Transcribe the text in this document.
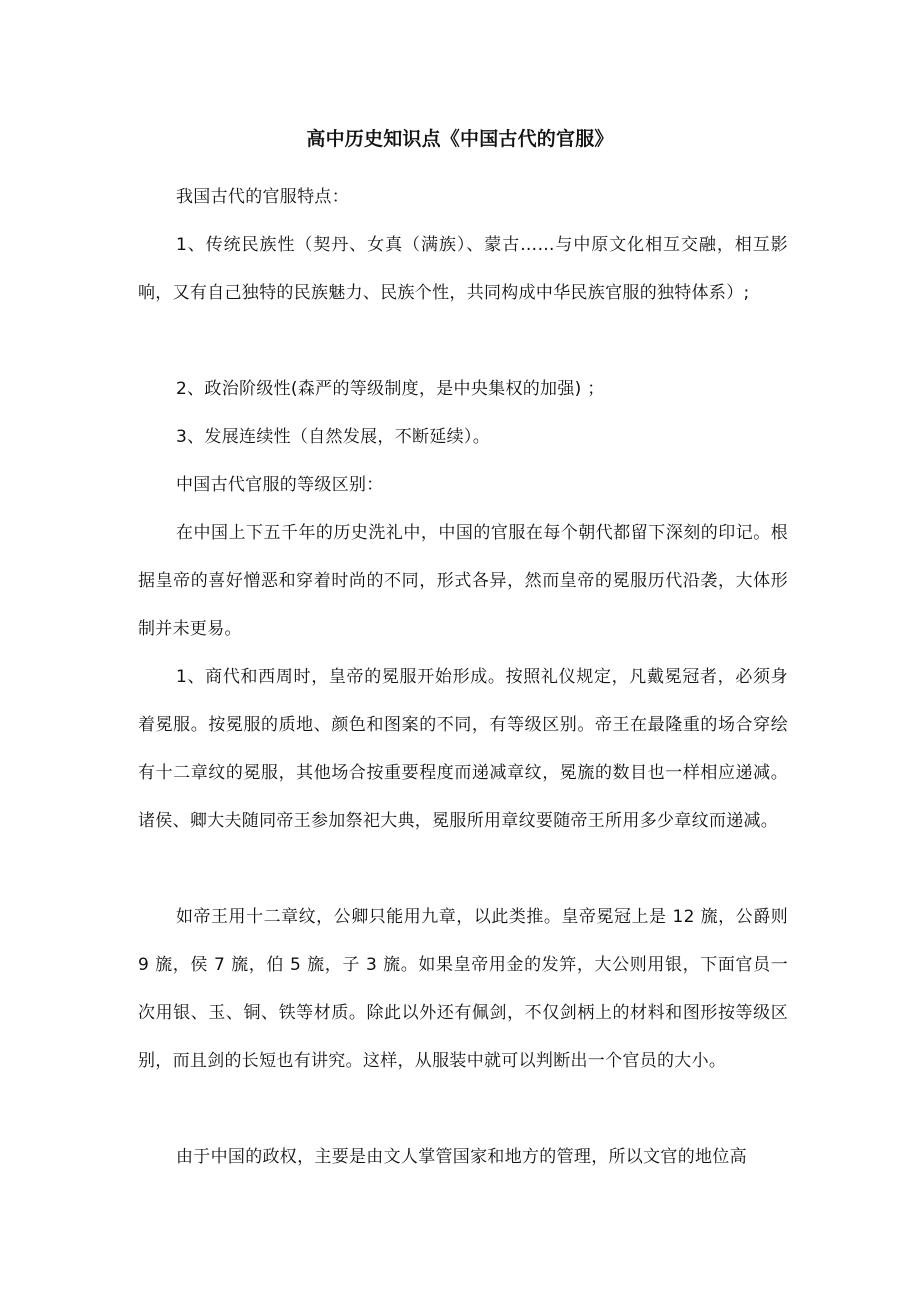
高中历史知识点《中国古代的官服》

我国古代的官服特点：

1、传统民族性（契丹、女真（满族）、蒙古……与中原文化相互交融，相互影响，又有自己独特的民族魅力、民族个性，共同构成中华民族官服的独特体系）;

2、政治阶级性(森严的等级制度，是中央集权的加强) ；

3、发展连续性（自然发展，不断延续）。

中国古代官服的等级区别：

在中国上下五千年的历史洗礼中，中国的官服在每个朝代都留下深刻的印记。根据皇帝的喜好憎恶和穿着时尚的不同，形式各异，然而皇帝的冕服历代沿袭，大体形制并未更易。

1、商代和西周时，皇帝的冕服开始形成。按照礼仪规定，凡戴冕冠者，必须身着冕服。按冕服的质地、颜色和图案的不同，有等级区别。帝王在最隆重的场合穿绘有十二章纹的冕服，其他场合按重要程度而递减章纹，冕旒的数目也一样相应递减。诸侯、卿大夫随同帝王参加祭祀大典，冕服所用章纹要随帝王所用多少章纹而递减。

如帝王用十二章纹，公卿只能用九章，以此类推。皇帝冕冠上是 12 旒，公爵则 9 旒，侯 7 旒，伯 5 旒，子 3 旒。如果皇帝用金的发笄，大公则用银，下面官员一次用银、玉、铜、铁等材质。除此以外还有佩剑，不仅剑柄上的材料和图形按等级区别，而且剑的长短也有讲究。这样，从服装中就可以判断出一个官员的大小。

由于中国的政权，主要是由文人掌管国家和地方的管理，所以文官的地位高
